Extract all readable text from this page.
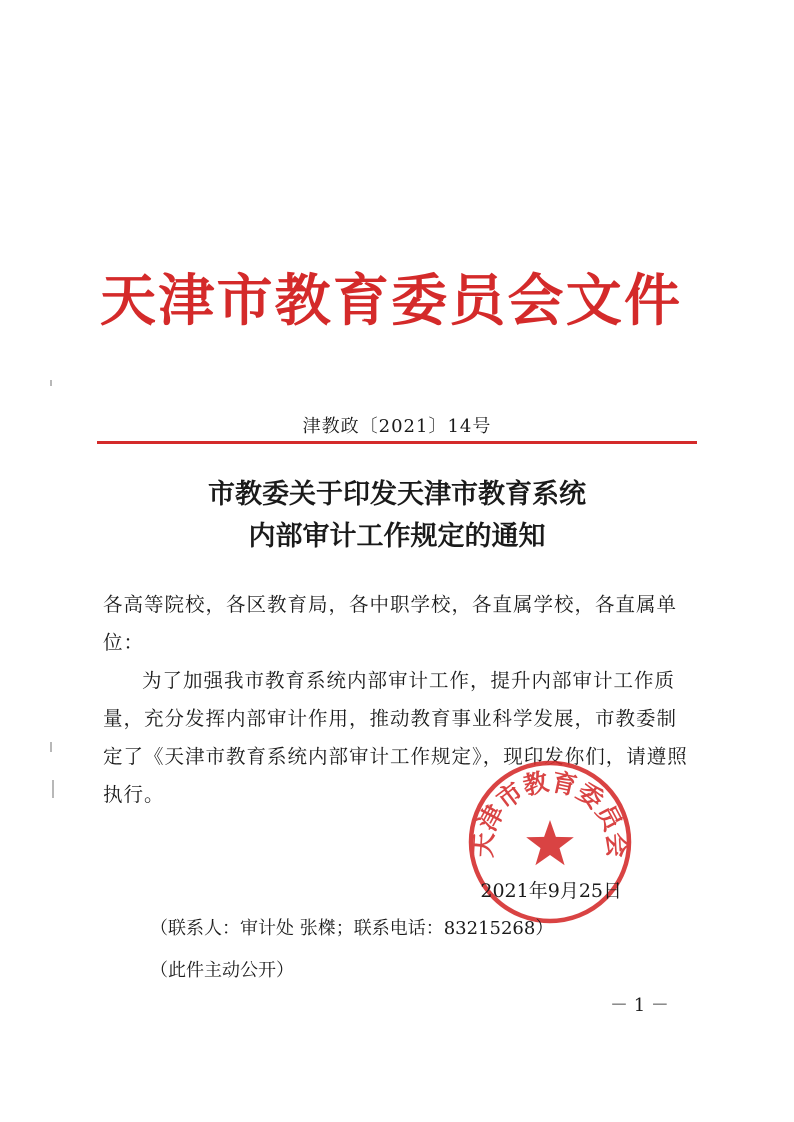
天 津 市 教 育 委 员 会 文 件
津教政〔2021〕14号
市教委关于印发天津市教育系统
内部审计工作规定的通知

各高等院校，各区教育局，各中职学校，各直属学校，各直属单

位：

为了加强我市教育系统内部审计工作，提升内部审计工作质量，充分发挥内部审计作用，推动教育事业科学发展，市教委制定了《天津市教育系统内部审计工作规定》，现印发你们，请遵照执行。

天津市教育委员会
2021年9月25日
（联系人：审计处 张榤；联系电话：83215268）
（此件主动公开）
－ 1 －
